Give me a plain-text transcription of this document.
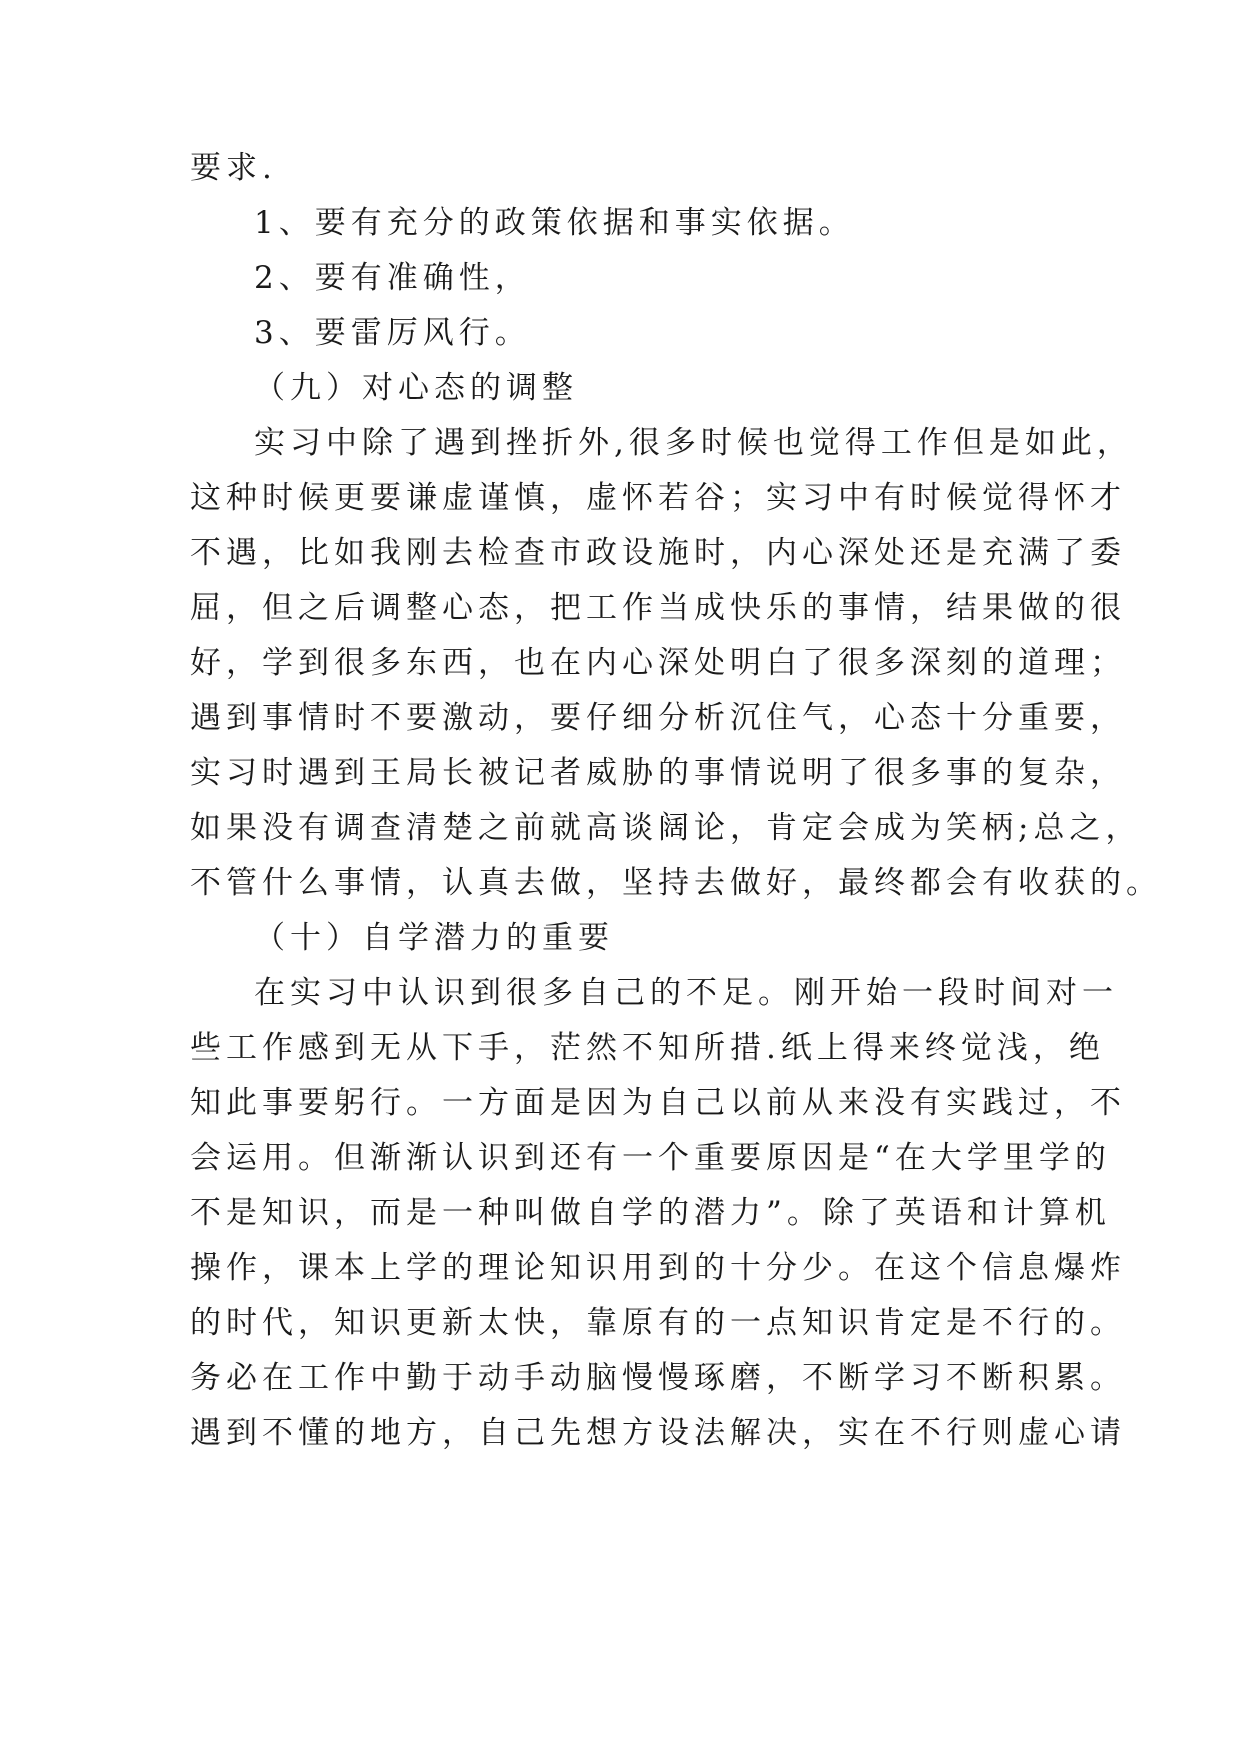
要求.
1、要有充分的政策依据和事实依据。
2、要有准确性，
3、要雷厉风行。
（九）对心态的调整
实习中除了遇到挫折外,很多时候也觉得工作但是如此，
这种时候更要谦虚谨慎，虚怀若谷；实习中有时候觉得怀才
不遇，比如我刚去检查市政设施时，内心深处还是充满了委
屈，但之后调整心态，把工作当成快乐的事情，结果做的很
好，学到很多东西，也在内心深处明白了很多深刻的道理；
遇到事情时不要激动，要仔细分析沉住气，心态十分重要，
实习时遇到王局长被记者威胁的事情说明了很多事的复杂，
如果没有调查清楚之前就高谈阔论，肯定会成为笑柄;总之，
不管什么事情，认真去做，坚持去做好，最终都会有收获的。
（十）自学潜力的重要
在实习中认识到很多自己的不足。刚开始一段时间对一
些工作感到无从下手，茫然不知所措.纸上得来终觉浅，绝
知此事要躬行。一方面是因为自己以前从来没有实践过，不
会运用。但渐渐认识到还有一个重要原因是“在大学里学的
不是知识，而是一种叫做自学的潜力”。除了英语和计算机
操作，课本上学的理论知识用到的十分少。在这个信息爆炸
的时代，知识更新太快，靠原有的一点知识肯定是不行的。
务必在工作中勤于动手动脑慢慢琢磨，不断学习不断积累。
遇到不懂的地方，自己先想方设法解决，实在不行则虚心请
